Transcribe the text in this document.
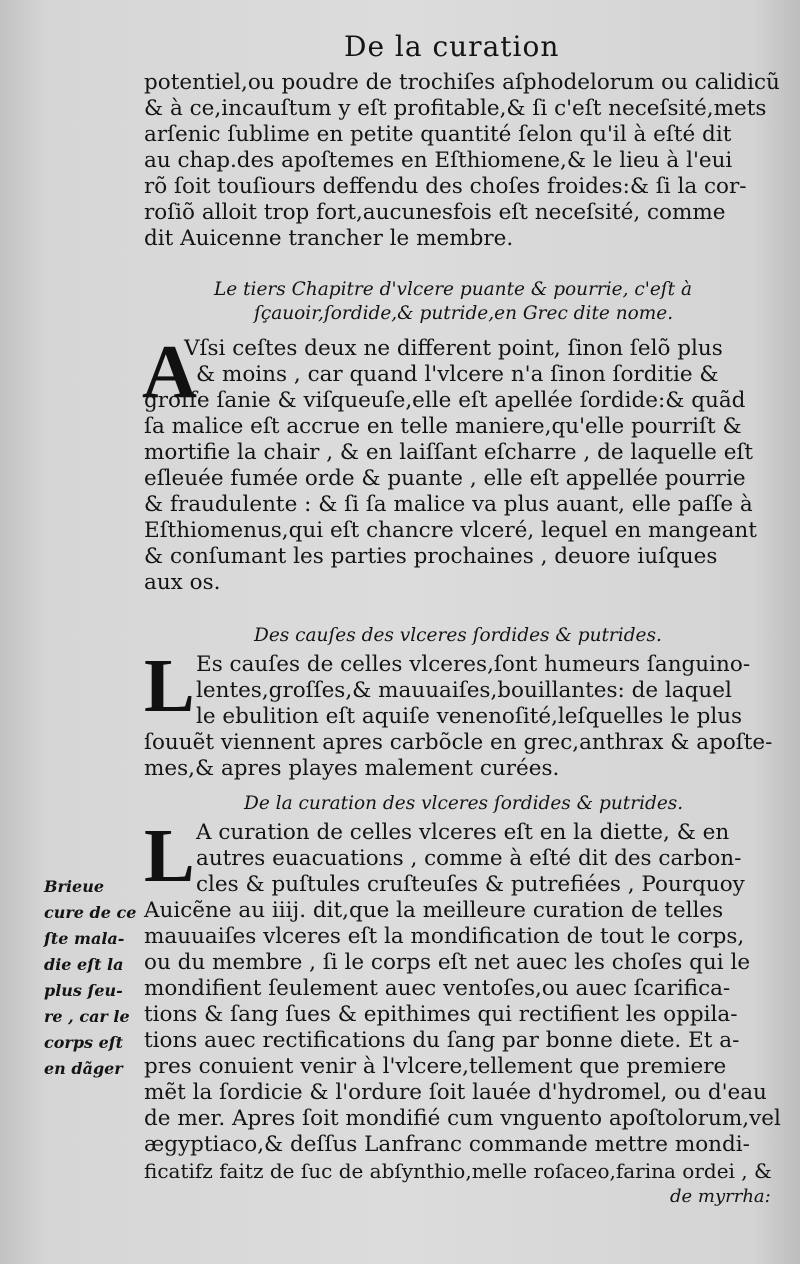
De la curation
potentiel,ou poudre de trochiſes aſphodelorum ou calidicũ
& à ce,incauſtum y eſt profitable,& ſi c'eſt neceſsité,mets
arſenic ſublime en petite quantité ſelon qu'il à eſté dit
au chap.des apoſtemes en Eſthiomene,& le lieu à l'eui
rõ ſoit touſiours deffendu des choſes froides:& ſi la cor-
roſiõ alloit trop fort,aucunesfois eſt neceſsité, comme
dit Auicenne trancher le membre.
Le tiers Chapitre d'vlcere puante & pourrie, c'eſt à
ſçauoir,ſordide,& putride,en Grec dite nome.
A
Vſsi ceſtes deux ne different point, ſinon ſelõ plus
& moins , car quand l'vlcere n'a ſinon ſorditie &
groſſe ſanie & viſqueuſe,elle eſt apellée ſordide:& quãd
ſa malice eſt accrue en telle maniere,qu'elle pourriſt &
mortifie la chair , & en laiſſant eſcharre , de laquelle eſt
eſleuée fumée orde & puante , elle eſt appellée pourrie
& fraudulente : & ſi ſa malice va plus auant, elle paſſe à
Eſthiomenus,qui eſt chancre vlceré, lequel en mangeant
& conſumant les parties prochaines , deuore iuſques
aux os.
Des cauſes des vlceres ſordides & putrides.
L Es cauſes de celles vlceres,ſont humeurs ſanguino-
lentes,groſſes,& mauuaiſes,bouillantes: de laquel
le ebulition eſt aquiſe venenoſité,leſquelles le plus
ſouuẽt viennent apres carbõcle en grec,anthrax & apoſte-
mes,& apres playes malement curées.
De la curation des vlceres ſordides & putrides.
L A curation de celles vlceres eſt en la diette, & en
autres euacuations , comme à eſté dit des carbon-
cles & puſtules cruſteuſes & putrefiées , Pourquoy
Auicẽne au iiij. dit,que la meilleure curation de telles
mauuaiſes vlceres eſt la mondification de tout le corps,
ou du membre , ſi le corps eſt net auec les choſes qui le
mondifient ſeulement auec ventoſes,ou auec ſcarifica-
tions & ſang ſues & epithimes qui rectifient les oppila-
tions auec rectifications du ſang par bonne diete. Et a-
pres conuient venir à l'vlcere,tellement que premiere
mẽt la ſordicie & l'ordure ſoit lauée d'hydromel, ou d'eau
de mer. Apres ſoit mondifié cum vnguento apoſtolorum,vel
ægyptiaco,& deſſus Lanfranc commande mettre mondi-
ficatifz faitz de ſuc de abſynthio,melle roſaceo,farina ordei , &
de myrrha:
Brieue
cure de ce
ſte mala-
die eſt la
plus ſeu-
re , car le
corps eſt
en dãger
